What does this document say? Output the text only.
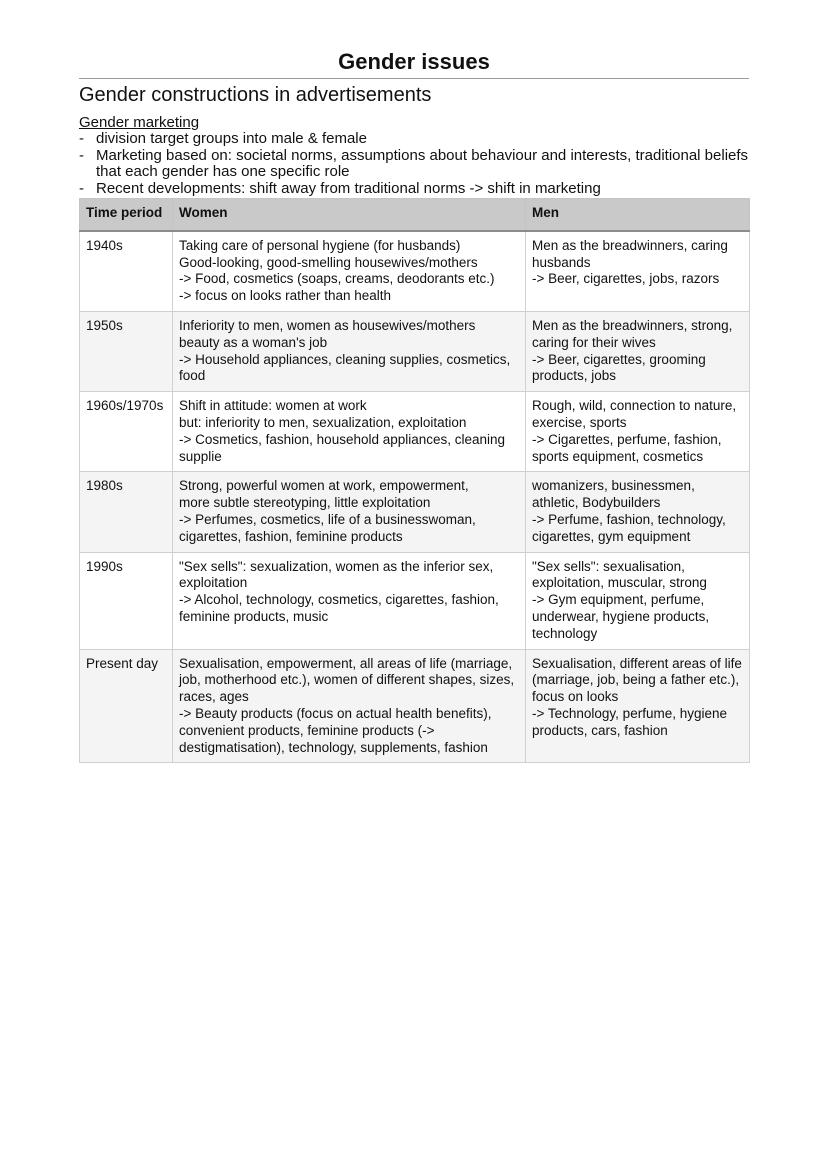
Gender issues
Gender constructions in advertisements
Gender marketing
- division target groups into male & female
- Marketing based on: societal norms, assumptions about behaviour and interests, traditional beliefs that each gender has one specific role
- Recent developments: shift away from traditional norms -> shift in marketing
Time period	Women	Men
1940s	Taking care of personal hygiene (for husbands)
Good-looking, good-smelling housewives/mothers
-> Food, cosmetics (soaps, creams, deodorants etc.)
-> focus on looks rather than health	Men as the breadwinners, caring husbands
-> Beer, cigarettes, jobs, razors

1950s	Inferiority to men, women as housewives/mothers
beauty as a woman's job
-> Household appliances, cleaning supplies, cosmetics, food	Men as the breadwinners, strong, caring for their wives
-> Beer, cigarettes, grooming products, jobs

1960s/1970s	Shift in attitude: women at work
but: inferiority to men, sexualization, exploitation
-> Cosmetics, fashion, household appliances, cleaning supplie	Rough, wild, connection to nature, exercise, sports
-> Cigarettes, perfume, fashion, sports equipment, cosmetics

1980s	Strong, powerful women at work, empowerment,
more subtle stereotyping, little exploitation
-> Perfumes, cosmetics, life of a businesswoman, cigarettes, fashion, feminine products	womanizers, businessmen, athletic, Bodybuilders
-> Perfume, fashion, technology, cigarettes, gym equipment

1990s	"Sex sells": sexualization, women as the inferior sex, exploitation
-> Alcohol, technology, cosmetics, cigarettes, fashion, feminine products, music	"Sex sells": sexualisation, exploitation, muscular, strong
-> Gym equipment, perfume, underwear, hygiene products, technology

Present day	Sexualisation, empowerment, all areas of life (marriage, job, motherhood etc.), women of different shapes, sizes, races, ages
-> Beauty products (focus on actual health benefits), convenient products, feminine products (-> destigmatisation), technology, supplements, fashion	Sexualisation, different areas of life (marriage, job, being a father etc.), focus on looks
-> Technology, perfume, hygiene products, cars, fashion
